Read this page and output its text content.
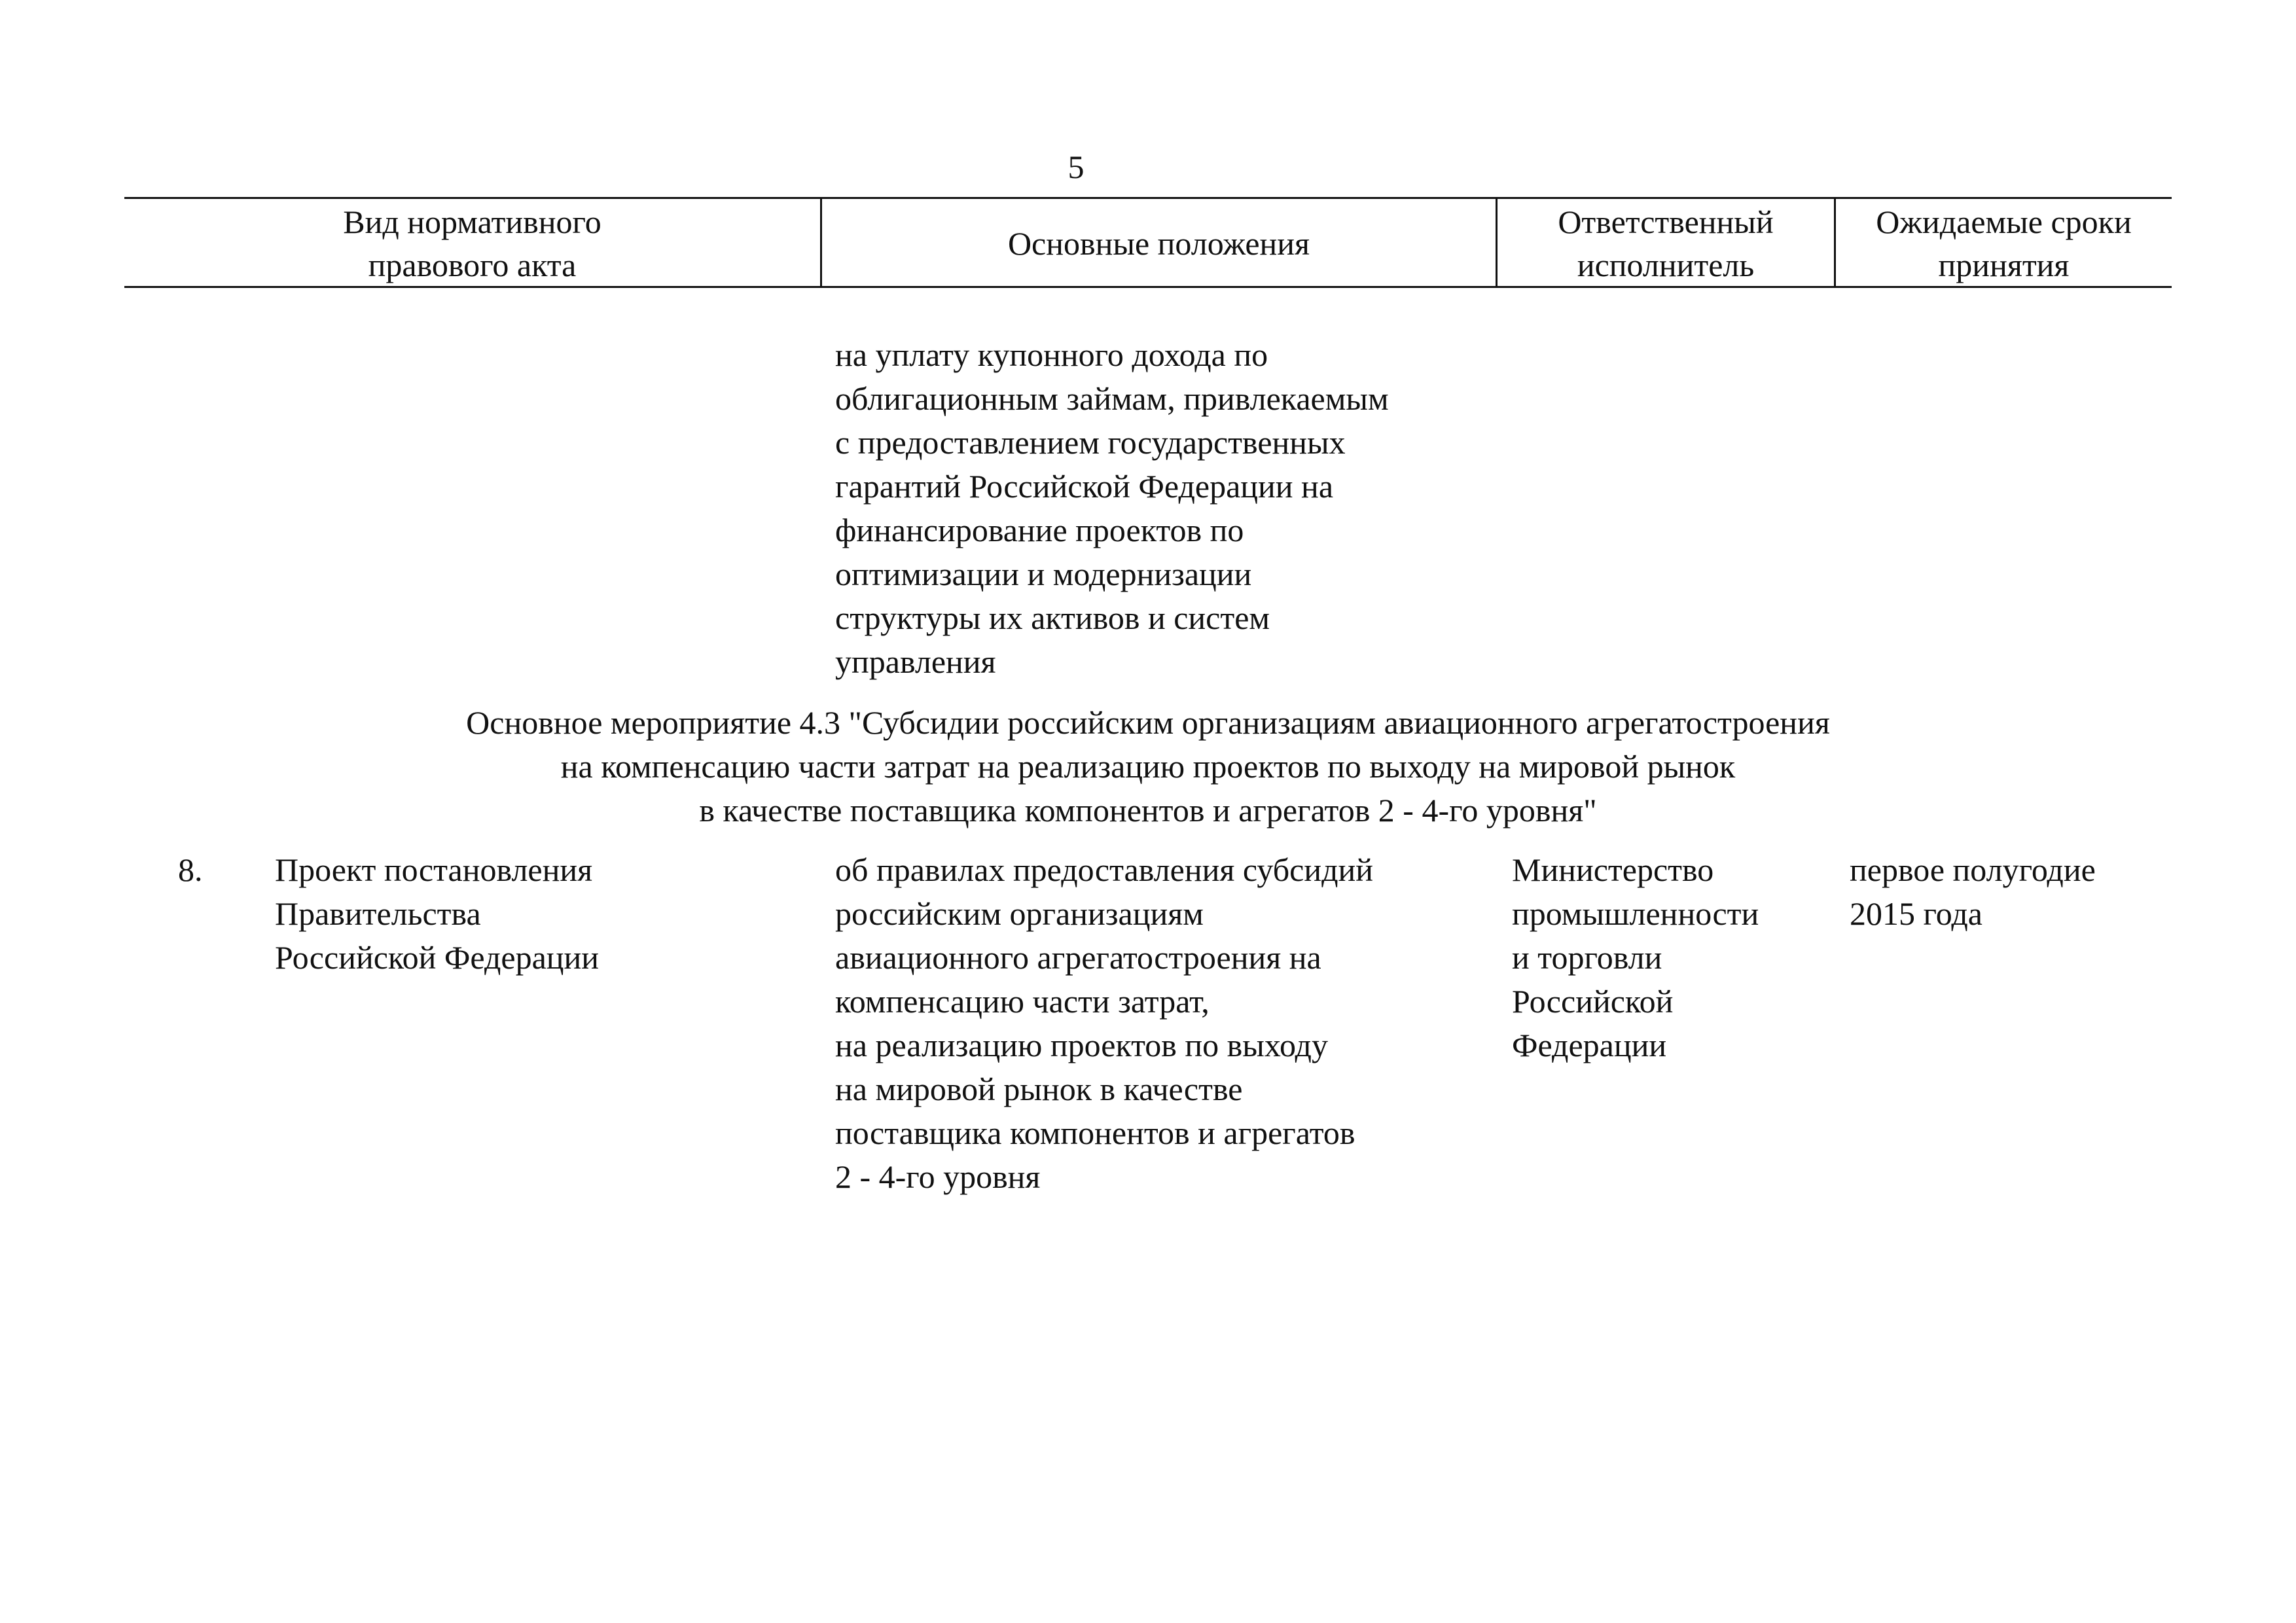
5
Вид нормативного
правового акта
Основные положения
Ответственный
исполнитель
Ожидаемые сроки
принятия
на уплату купонного дохода по
облигационным займам, привлекаемым
с предоставлением государственных
гарантий Российской Федерации на
финансирование проектов по
оптимизации и модернизации
структуры их активов и систем
управления
Основное мероприятие 4.3 "Субсидии российским организациям авиационного агрегатостроения
на компенсацию части затрат на реализацию проектов по выходу на мировой рынок
в качестве поставщика компонентов и агрегатов 2 - 4-го уровня"
8. Проект постановления
Правительства
Российской Федерации
об правилах предоставления субсидий
российским организациям
авиационного агрегатостроения на
компенсацию части затрат,
на реализацию проектов по выходу
на мировой рынок в качестве
поставщика компонентов и агрегатов
2 - 4-го уровня
Министерство
промышленности
и торговли
Российской
Федерации
первое полугодие
2015 года
